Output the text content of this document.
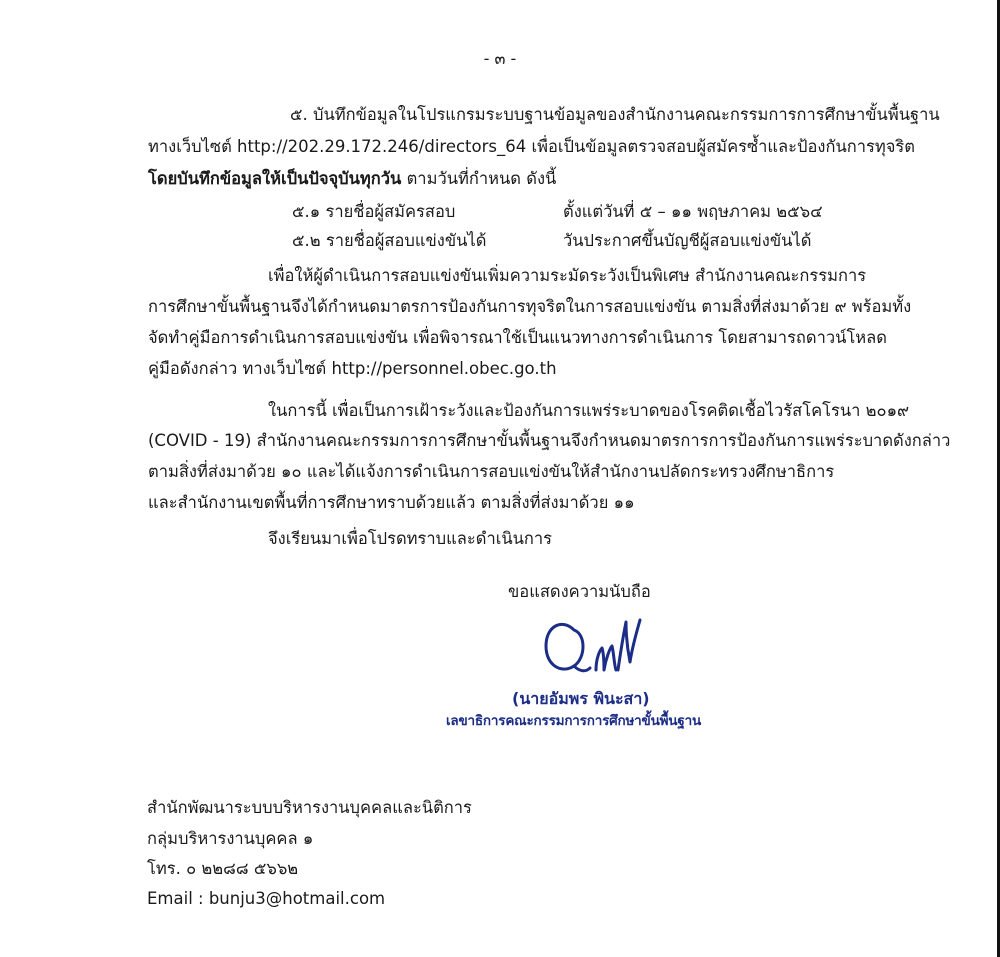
- ๓ -
๕. บันทึกข้อมูลในโปรแกรมระบบฐานข้อมูลของสำนักงานคณะกรรมการการศึกษาขั้นพื้นฐาน
ทางเว็บไซต์ http://202.29.172.246/directors_64 เพื่อเป็นข้อมูลตรวจสอบผู้สมัครซ้ำและป้องกันการทุจริต
โดยบันทึกข้อมูลให้เป็นปัจจุบันทุกวัน ตามวันที่กำหนด ดังนี้
๕.๑ รายชื่อผู้สมัครสอบ	ตั้งแต่วันที่ ๕ – ๑๑ พฤษภาคม ๒๕๖๔
๕.๒ รายชื่อผู้สอบแข่งขันได้	วันประกาศขึ้นบัญชีผู้สอบแข่งขันได้
เพื่อให้ผู้ดำเนินการสอบแข่งขันเพิ่มความระมัดระวังเป็นพิเศษ สำนักงานคณะกรรมการ
การศึกษาขั้นพื้นฐานจึงได้กำหนดมาตรการป้องกันการทุจริตในการสอบแข่งขัน ตามสิ่งที่ส่งมาด้วย ๙ พร้อมทั้ง
จัดทำคู่มือการดำเนินการสอบแข่งขัน เพื่อพิจารณาใช้เป็นแนวทางการดำเนินการ โดยสามารถดาวน์โหลด
คู่มือดังกล่าว ทางเว็บไซต์ http://personnel.obec.go.th
ในการนี้ เพื่อเป็นการเฝ้าระวังและป้องกันการแพร่ระบาดของโรคติดเชื้อไวรัสโคโรนา ๒๐๑๙
(COVID - 19) สำนักงานคณะกรรมการการศึกษาขั้นพื้นฐานจึงกำหนดมาตรการการป้องกันการแพร่ระบาดดังกล่าว
ตามสิ่งที่ส่งมาด้วย ๑๐ และได้แจ้งการดำเนินการสอบแข่งขันให้สำนักงานปลัดกระทรวงศึกษาธิการ
และสำนักงานเขตพื้นที่การศึกษาทราบด้วยแล้ว ตามสิ่งที่ส่งมาด้วย ๑๑
จึงเรียนมาเพื่อโปรดทราบและดำเนินการ
ขอแสดงความนับถือ
(นายอัมพร พินะสา)
เลขาธิการคณะกรรมการการศึกษาขั้นพื้นฐาน
สำนักพัฒนาระบบบริหารงานบุคคลและนิติการ
กลุ่มบริหารงานบุคคล ๑
โทร. ๐ ๒๒๘๘ ๕๖๖๒
Email : bunju3@hotmail.com
